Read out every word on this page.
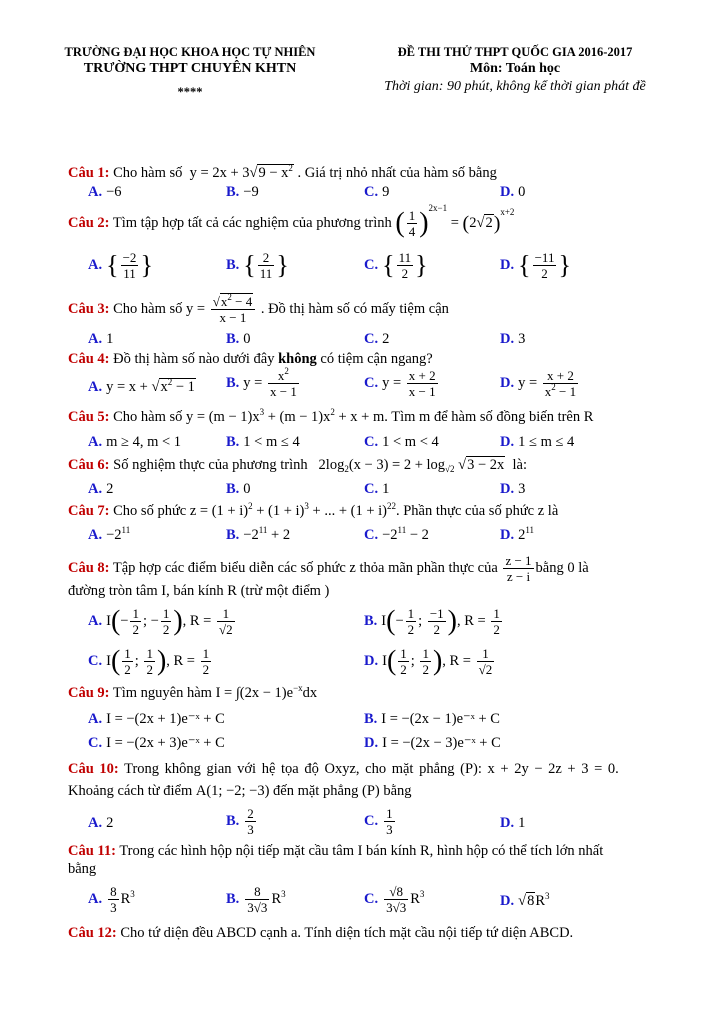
TRƯỜNG ĐẠI HỌC KHOA HỌC TỰ NHIÊN
TRƯỜNG THPT CHUYÊN KHTN
****
ĐỀ THI THỬ THPT QUỐC GIA 2016-2017
Môn: Toán học
Thời gian: 90 phút, không kể thời gian phát đề
Câu 1: Cho hàm số  $y = 2x + 3√9 - x^2$ . Giá trị nhỏ nhất của hàm số bằng
A. −6	B. −9	C. 9	D. 0
Câu 2: Tìm tập hợp tất cả các nghiệm của phương trình ( $\frac{1}{4} )^{2x-1} = (2√2)^{x+2}$
A. { $\frac{-2}{11}$ }	B. { $\frac{2}{11}$ }	C. { $\frac{11}{2}$ }	D. { $\frac{-11}{2}$ }
Câu 3: Cho hàm số $y = \frac{√x^2 - 4}{x - 1}$ . Đồ thị hàm số có mấy tiệm cận
A. 1	B. 0	C. 2	D. 3
Câu 4: Đồ thị hàm số nào dưới đây không có tiệm cận ngang?
A. $y = x + √x^2 - 1$ B. $y = \frac{x^2}{x - 1}$	C. $y = \frac{x + 2}{x - 1}$	D. $y = \frac{x + 2}{x^2 - 1}$
Câu 5: Cho hàm số $y = (m - 1)x^3 + (m - 1)x^2 + x + m$. Tìm m để hàm số đồng biến trên R
A. m ≥ 4, m < 1	B. 1 < m ≤ 4	C. 1 < m < 4	D. 1 ≤ m ≤ 4
Câu 6: Số nghiệm thực của phương trình   $2\log_2(x - 3) = 2 + \log_{√2} √3 - 2x$ là:
A. 2	B. 0	C. 1	D. 3
Câu 7: Cho số phức $z = (1 + i)^2 + (1 + i)^3$ + ... + $(1 + i)^{22}$. Phần thực của số phức z là
A. $-2^{11}$	B. $-2^{11} + 2$	C. $-2^{11} - 2$	D. $2^{11}$
Câu 8: Tập hợp các điểm biểu diễn các số phức z thỏa mãn phần thực của $\frac{z - 1}{z - i}$ bằng 0 là
đường tròn tâm I, bán kính R (trừ một điểm )
A. $I(- \frac{1}{2}$ ; − $\frac{1}{2}$ ), $R = \frac{1}{√2}$	B. $I(- \frac{1}{2}$ ; $\frac{-1}{2}$ ), $R = \frac{1}{2}$
C. $I( \frac{1}{2}$ ; $\frac{1}{2}$ ), $R = \frac{1}{2}$	D. $I( \frac{1}{2}$ ; $\frac{1}{2}$ ), $R = \frac{1}{√2}$
Câu 9: Tìm nguyên hàm $I = \int(2x - 1)e^{-x}dx$
A. I = −(2x + 1)e⁻ˣ + C	B. I = −(2x − 1)e⁻ˣ + C
C. I = −(2x + 3)e⁻ˣ + C	D. I = −(2x − 3)e⁻ˣ + C
Câu 10: Trong không gian với hệ tọa độ Oxyz, cho mặt phẳng (P): x + 2y − 2z + 3 = 0.
Khoảng cách từ điểm A(1; −2; −3) đến mặt phẳng (P) bằng
A. 2	B. $\frac{2}{3}$	C. $\frac{1}{3}$	D. 1
Câu 11: Trong các hình hộp nội tiếp mặt cầu tâm I bán kính R, hình hộp có thể tích lớn nhất
bằng
A. $\frac{8}{3} R^3$	B. $\frac{8}{3√3} R^3$	C. $\frac{√8}{3√3} R^3$	D. $√8R^3$
Câu 12: Cho tứ diện đều ABCD cạnh a. Tính diện tích mặt cầu nội tiếp tứ diện ABCD.
